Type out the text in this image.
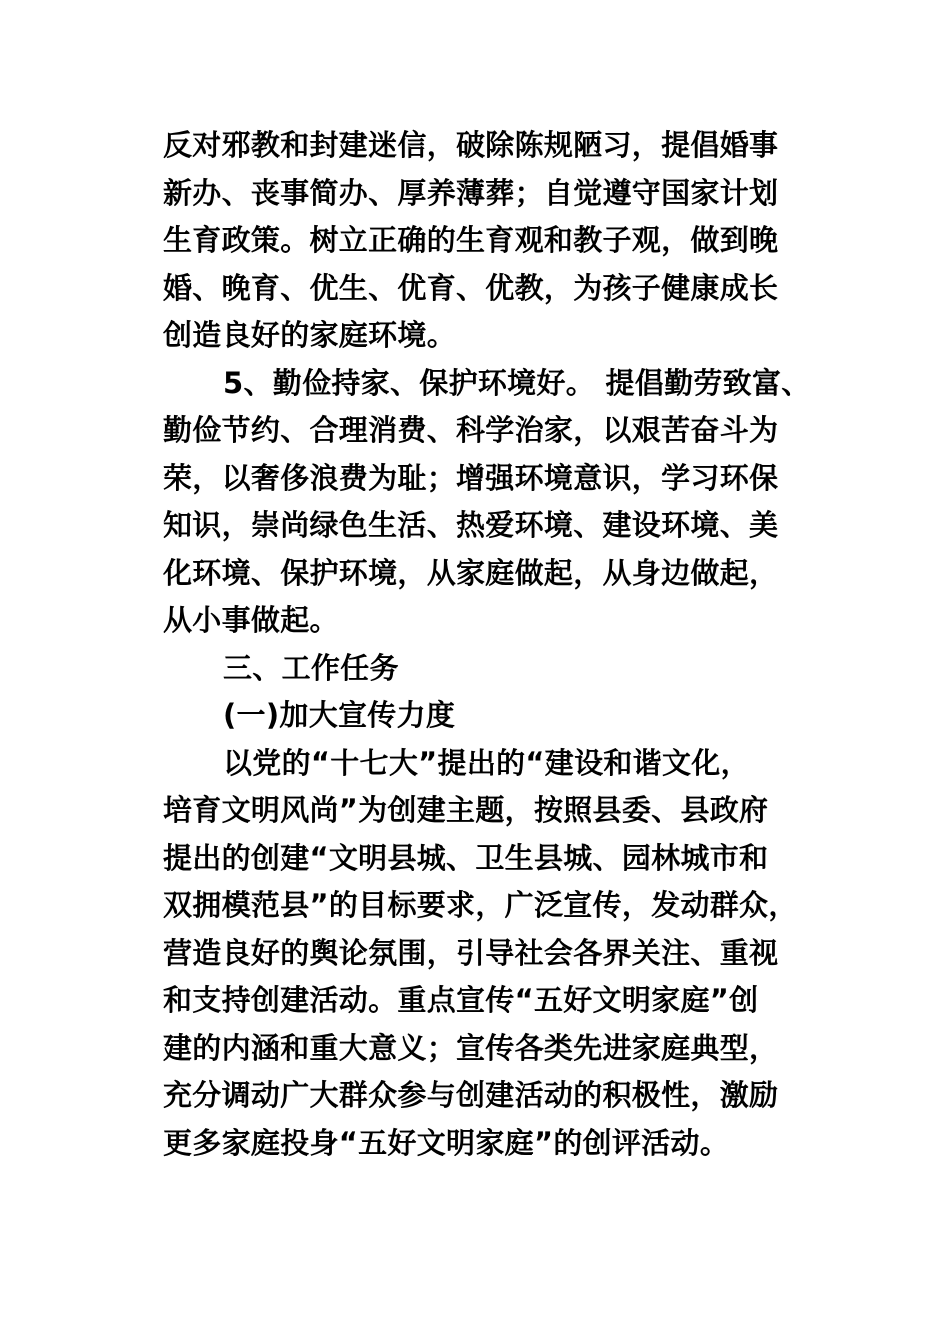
反对邪教和封建迷信，破除陈规陋习，提倡婚事
新办、丧事简办、厚养薄葬；自觉遵守国家计划
生育政策。树立正确的生育观和教子观，做到晚
婚、晚育、优生、优育、优教，为孩子健康成长
创造良好的家庭环境。
5、勤俭持家、保护环境好。 提倡勤劳致富、
勤俭节约、合理消费、科学治家，以艰苦奋斗为
荣，以奢侈浪费为耻；增强环境意识，学习环保
知识，崇尚绿色生活、热爱环境、建设环境、美
化环境、保护环境，从家庭做起，从身边做起，
从小事做起。
三、工作任务
(一)加大宣传力度
以党的“十七大”提出的“建设和谐文化，
培育文明风尚”为创建主题，按照县委、县政府
提出的创建“文明县城、卫生县城、园林城市和
双拥模范县”的目标要求，广泛宣传，发动群众，
营造良好的舆论氛围，引导社会各界关注、重视
和支持创建活动。重点宣传“五好文明家庭”创
建的内涵和重大意义；宣传各类先进家庭典型，
充分调动广大群众参与创建活动的积极性，激励
更多家庭投身“五好文明家庭”的创评活动。
